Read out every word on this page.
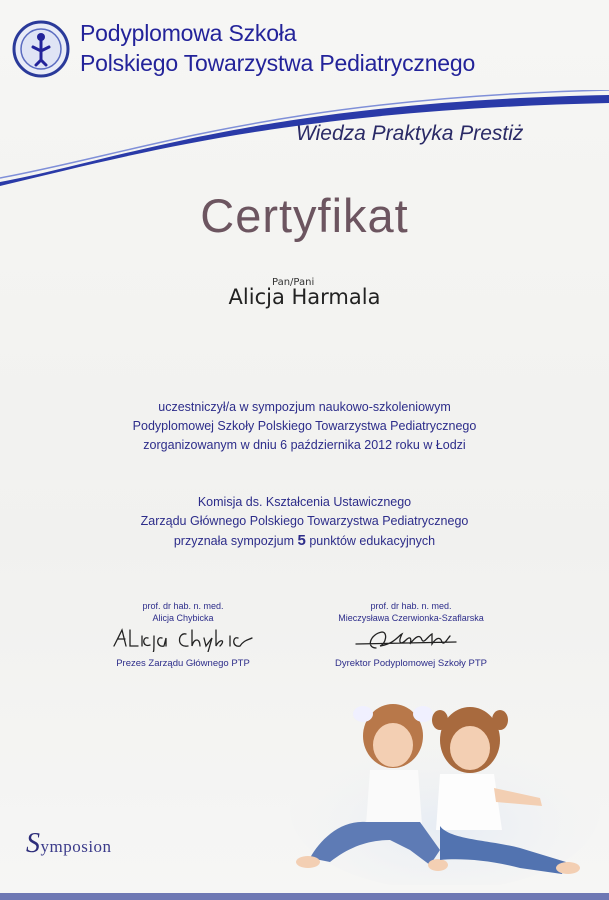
Podyplomowa Szkoła
Polskiego Towarzystwa Pediatrycznego
Wiedza Praktyka Prestiż
Certyfikat
Pan/Pani
Alicja Harmala
uczestniczył/a w sympozjum naukowo-szkoleniowym
Podyplomowej Szkoły Polskiego Towarzystwa Pediatrycznego
zorganizowanym w dniu 6 października 2012 roku w Łodzi
Komisja ds. Kształcenia Ustawicznego
Zarządu Głównego Polskiego Towarzystwa Pediatrycznego
przyznała sympozjum 5 punktów edukacyjnych
prof. dr hab. n. med.
Alicja Chybicka
Prezes Zarządu Głównego PTP
prof. dr hab. n. med.
Mieczysława Czerwionka-Szaflarska
Dyrektor Podyplomowej Szkoły PTP
Symposion
